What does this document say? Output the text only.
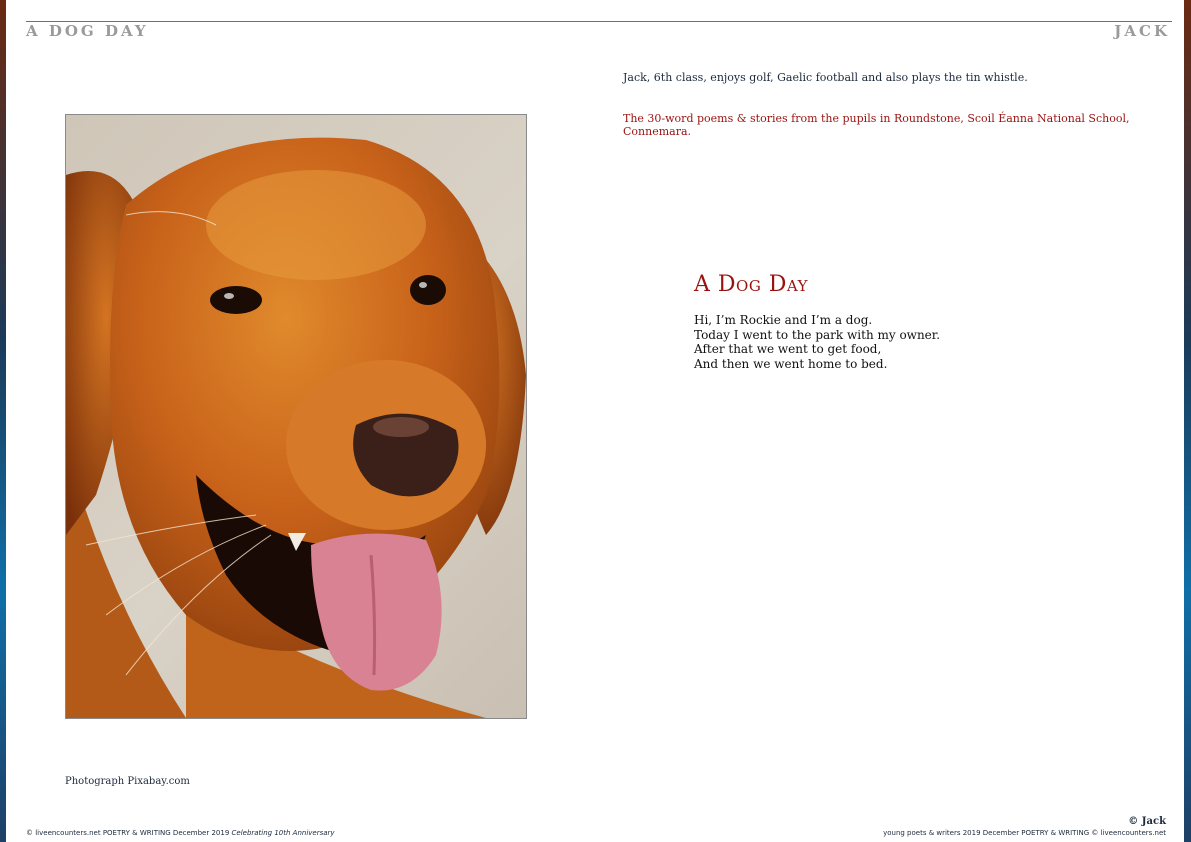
A DOG DAY	JACK
Photograph Pixabay.com
Jack, 6th class, enjoys golf, Gaelic football and also plays the tin whistle.
The 30-word poems & stories from the pupils in Roundstone, Scoil Éanna National School, Connemara.
A Dog Day
Hi, I’m Rockie and I’m a dog.
Today I went to the park with my owner.
After that we went to get food,
And then we went home to bed.
© Jack
© liveencounters.net POETRY & WRITING December 2019 Celebrating 10th Anniversary	young poets & writers 2019 December POETRY & WRITING © liveencounters.net
